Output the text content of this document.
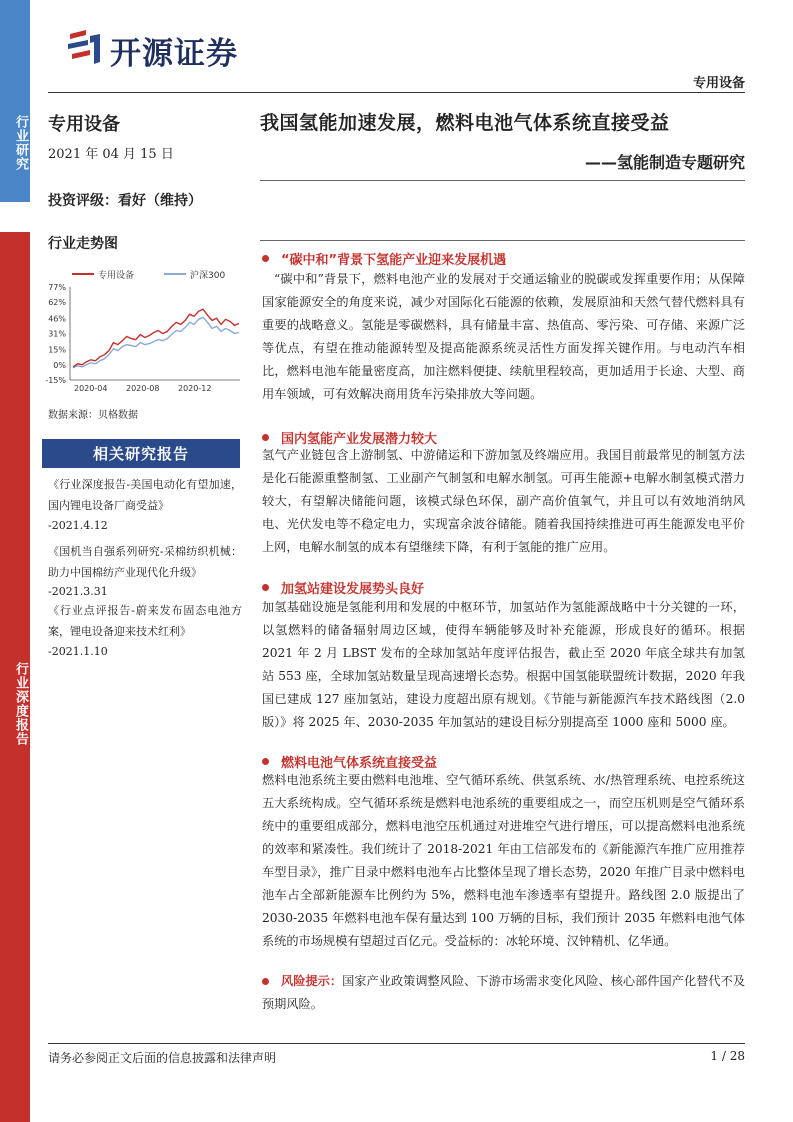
行业研究
行业深度报告
开源证券
专用设备
专用设备
2021 年 04 月 15 日
投资评级：看好（维持）
行业走势图
专用设备	沪深300
77%
62%
46%
31%
15%
0%
-15%
2020-04 2020-08 2020-12
数据来源：贝格数据
相关研究报告
《行业深度报告-美国电动化有望加速，国内锂电设备厂商受益》
-2021.4.12
《国机当自强系列研究-采棉纺织机械：助力中国棉纺产业现代化升级》
-2021.3.31
《行业点评报告-蔚来发布固态电池方案，锂电设备迎来技术红利》
-2021.1.10
我国氢能加速发展，燃料电池气体系统直接受益
——氢能制造专题研究
“碳中和”背景下氢能产业迎来发展机遇
“碳中和”背景下，燃料电池产业的发展对于交通运输业的脱碳或发挥重要作用；从保障国家能源安全的角度来说，减少对国际化石能源的依赖，发展原油和天然气替代燃料具有重要的战略意义。氢能是零碳燃料，具有储量丰富、热值高、零污染、可存储、来源广泛等优点，有望在推动能源转型及提高能源系统灵活性方面发挥关键作用。与电动汽车相比，燃料电池车能量密度高，加注燃料便捷、续航里程较高，更加适用于长途、大型、商用车领域，可有效解决商用货车污染排放大等问题。
国内氢能产业发展潜力较大
氢气产业链包含上游制氢、中游储运和下游加氢及终端应用。我国目前最常见的制氢方法是化石能源重整制氢、工业副产气制氢和电解水制氢。可再生能源+电解水制氢模式潜力较大，有望解决储能问题，该模式绿色环保，副产高价值氧气，并且可以有效地消纳风电、光伏发电等不稳定电力，实现富余波谷储能。随着我国持续推进可再生能源发电平价上网，电解水制氢的成本有望继续下降，有利于氢能的推广应用。
加氢站建设发展势头良好
加氢基础设施是氢能利用和发展的中枢环节，加氢站作为氢能源战略中十分关键的一环，以氢燃料的储备辐射周边区域，使得车辆能够及时补充能源，形成良好的循环。根据 2021 年 2 月 LBST 发布的全球加氢站年度评估报告，截止至 2020 年底全球共有加氢站 553 座，全球加氢站数量呈现高速增长态势。根据中国氢能联盟统计数据，2020 年我国已建成 127 座加氢站，建设力度超出原有规划。《节能与新能源汽车技术路线图（2.0 版）》将 2025 年、2030-2035 年加氢站的建设目标分别提高至 1000 座和 5000 座。
燃料电池气体系统直接受益
燃料电池系统主要由燃料电池堆、空气循环系统、供氢系统、水/热管理系统、电控系统这五大系统构成。空气循环系统是燃料电池系统的重要组成之一，而空压机则是空气循环系统中的重要组成部分，燃料电池空压机通过对进堆空气进行增压，可以提高燃料电池系统的效率和紧凑性。我们统计了 2018-2021 年由工信部发布的《新能源汽车推广应用推荐车型目录》，推广目录中燃料电池车占比整体呈现了增长态势，2020 年推广目录中燃料电池车占全部新能源车比例约为 5%，燃料电池车渗透率有望提升。路线图 2.0 版提出了 2030-2035 年燃料电池车保有量达到 100 万辆的目标，我们预计 2035 年燃料电池气体系统的市场规模有望超过百亿元。受益标的：冰轮环境、汉钟精机、亿华通。
风险提示：国家产业政策调整风险、下游市场需求变化风险、核心部件国产化替代不及预期风险。
请务必参阅正文后面的信息披露和法律声明	1 / 28
